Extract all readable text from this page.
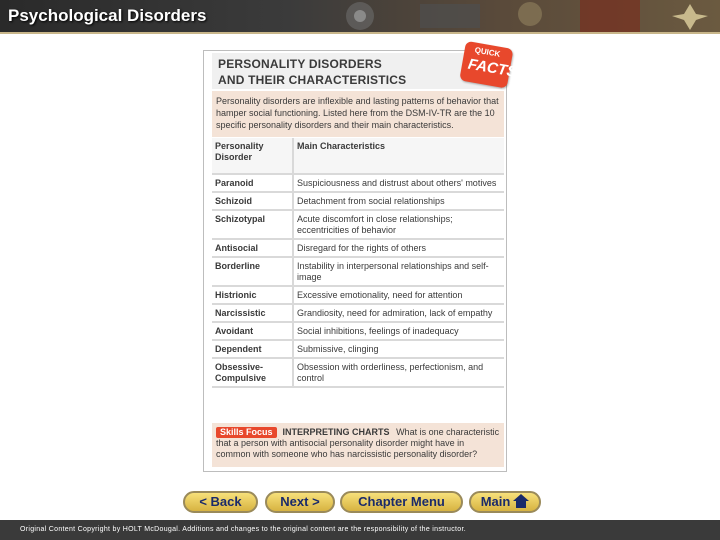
Psychological Disorders
PERSONALITY DISORDERS
AND THEIR CHARACTERISTICS
QUICK
FACTS
Personality disorders are inflexible and lasting patterns of behavior that
hamper social functioning. Listed here from the DSM-IV-TR are the 10
specific personality disorders and their main characteristics.
Personality Disorder	Main Characteristics
Paranoid	Suspiciousness and distrust about others' motives
Schizoid	Detachment from social relationships
Schizotypal	Acute discomfort in close relationships; eccentricities of behavior
Antisocial	Disregard for the rights of others
Borderline	Instability in interpersonal relationships and self-image
Histrionic	Excessive emotionality, need for attention
Narcissistic	Grandiosity, need for admiration, lack of empathy
Avoidant	Social inhibitions, feelings of inadequacy
Dependent	Submissive, clinging
Obsessive-Compulsive	Obsession with orderliness, perfectionism, and control
Skills Focus INTERPRETING CHARTS What is one characteristic that a person with antisocial personality disorder might have in common with someone who has narcissistic personality disorder?
< Back	Next >	Chapter Menu	Main
Original Content Copyright by HOLT McDougal. Additions and changes to the original content are the responsibility of the instructor.
